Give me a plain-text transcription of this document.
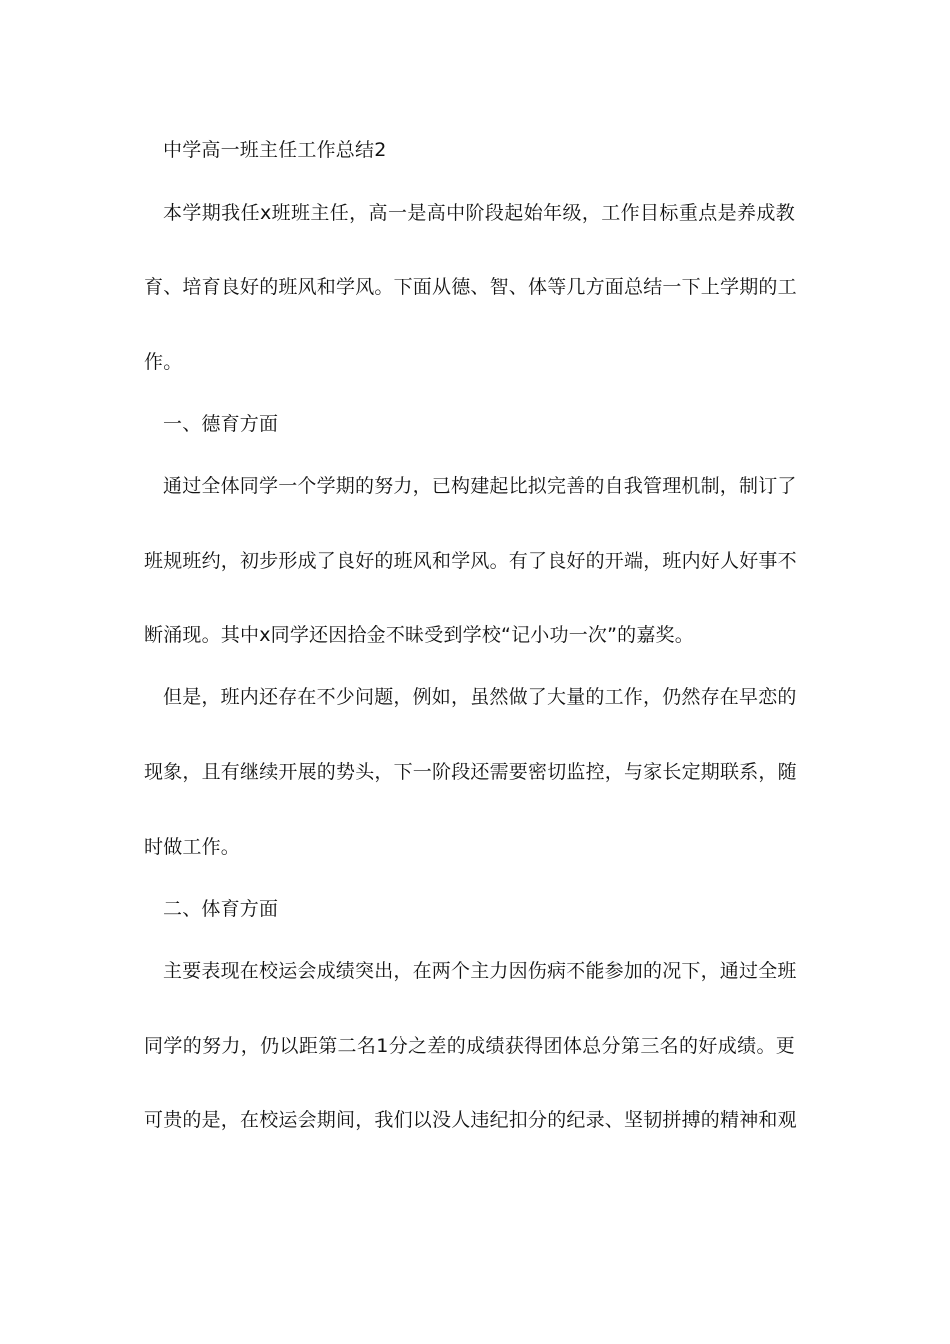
中学高一班主任工作总结2
本学期我任x班班主任，高一是高中阶段起始年级，工作目标重点是养成教
育、培育良好的班风和学风。下面从德、智、体等几方面总结一下上学期的工
作。
一、德育方面
通过全体同学一个学期的努力，已构建起比拟完善的自我管理机制，制订了
班规班约，初步形成了良好的班风和学风。有了良好的开端，班内好人好事不
断涌现。其中x同学还因拾金不昧受到学校“记小功一次”的嘉奖。
但是，班内还存在不少问题，例如，虽然做了大量的工作，仍然存在早恋的
现象，且有继续开展的势头，下一阶段还需要密切监控，与家长定期联系，随
时做工作。
二、体育方面
主要表现在校运会成绩突出，在两个主力因伤病不能参加的况下，通过全班
同学的努力，仍以距第二名1分之差的成绩获得团体总分第三名的好成绩。更
可贵的是，在校运会期间，我们以没人违纪扣分的纪录、坚韧拼搏的精神和观
